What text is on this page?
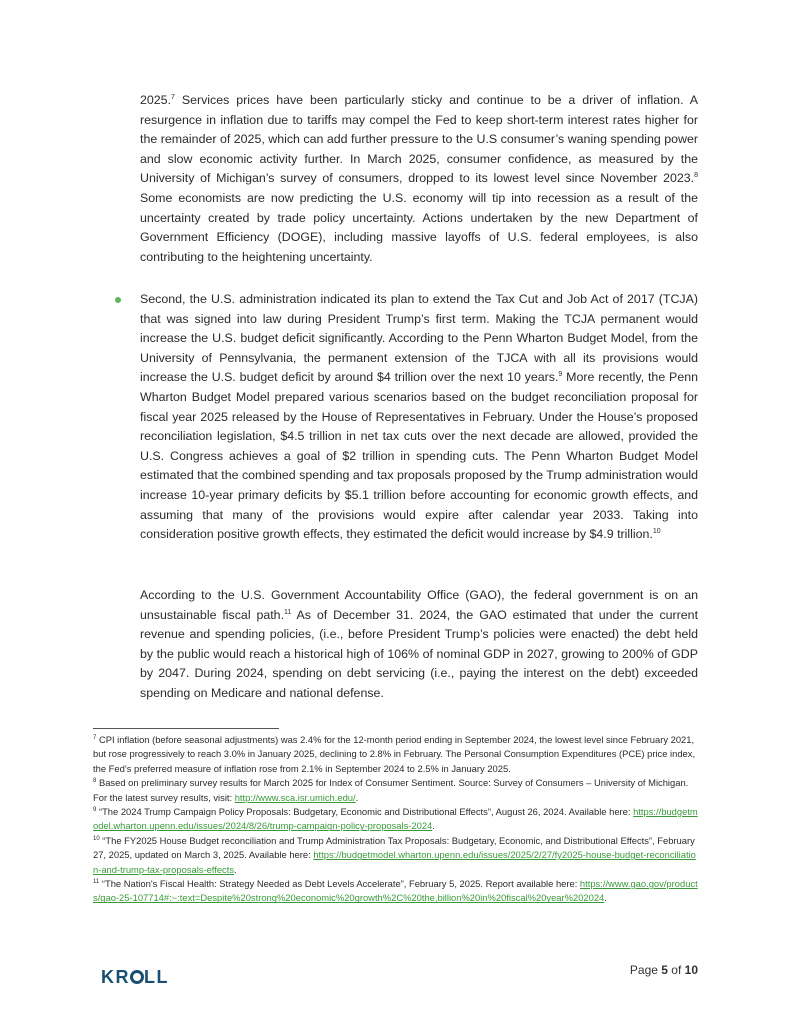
2025.$^7$ Services prices have been particularly sticky and continue to be a driver of inflation. A resurgence in inflation due to tariffs may compel the Fed to keep short-term interest rates higher for the remainder of 2025, which can add further pressure to the U.S consumer’s waning spending power and slow economic activity further. In March 2025, consumer confidence, as measured by the University of Michigan’s survey of consumers, dropped to its lowest level since November 2023.$^8$ Some economists are now predicting the U.S. economy will tip into recession as a result of the uncertainty created by trade policy uncertainty. Actions undertaken by the new Department of Government Efficiency (DOGE), including massive layoffs of U.S. federal employees, is also contributing to the heightening uncertainty.
Second, the U.S. administration indicated its plan to extend the Tax Cut and Job Act of 2017 (TCJA) that was signed into law during President Trump’s first term. Making the TCJA permanent would increase the U.S. budget deficit significantly. According to the Penn Wharton Budget Model, from the University of Pennsylvania, the permanent extension of the TJCA with all its provisions would increase the U.S. budget deficit by around $4 trillion over the next 10 years.$^9$ More recently, the Penn Wharton Budget Model prepared various scenarios based on the budget reconciliation proposal for fiscal year 2025 released by the House of Representatives in February. Under the House’s proposed reconciliation legislation, $4.5 trillion in net tax cuts over the next decade are allowed, provided the U.S. Congress achieves a goal of $2 trillion in spending cuts. The Penn Wharton Budget Model estimated that the combined spending and tax proposals proposed by the Trump administration would increase 10-year primary deficits by $5.1 trillion before accounting for economic growth effects, and assuming that many of the provisions would expire after calendar year 2033. Taking into consideration positive growth effects, they estimated the deficit would increase by $4.9 trillion.$^{10}$
According to the U.S. Government Accountability Office (GAO), the federal government is on an unsustainable fiscal path.$^{11}$ As of December 31. 2024, the GAO estimated that under the current revenue and spending policies, (i.e., before President Trump’s policies were enacted) the debt held by the public would reach a historical high of 106% of nominal GDP in 2027, growing to 200% of GDP by 2047. During 2024, spending on debt servicing (i.e., paying the interest on the debt) exceeded spending on Medicare and national defense.

$^7$ CPI inflation (before seasonal adjustments) was 2.4% for the 12-month period ending in September 2024, the lowest level since February 2021, but rose progressively to reach 3.0% in January 2025, declining to 2.8% in February. The Personal Consumption Expenditures (PCE) price index, the Fed’s preferred measure of inflation rose from 2.1% in September 2024 to 2.5% in January 2025.

$^8$ Based on preliminary survey results for March 2025 for Index of Consumer Sentiment. Source: Survey of Consumers – University of Michigan. For the latest survey results, visit: http://www.sca.isr.umich.edu/.

$^9$ “The 2024 Trump Campaign Policy Proposals: Budgetary, Economic and Distributional Effects”, August 26, 2024. Available here: https://budgetmodel.wharton.upenn.edu/issues/2024/8/26/trump-campaign-policy-proposals-2024.

$^{10}$ “The FY2025 House Budget reconciliation and Trump Administration Tax Proposals: Budgetary, Economic, and Distributional Effects”, February 27, 2025, updated on March 3, 2025. Available here: https://budgetmodel.wharton.upenn.edu/issues/2025/2/27/fy2025-house-budget-reconciliation-and-trump-tax-proposals-effects.

$^{11}$ “The Nation's Fiscal Health: Strategy Needed as Debt Levels Accelerate”, February 5, 2025. Report available here: https://www.gao.gov/products/gao-25-107714#:~:text=Despite%20strong%20economic%20growth%2C%20the,billion%20in%20fiscal%20year%202024.

KR LL	Page 5 of 10
